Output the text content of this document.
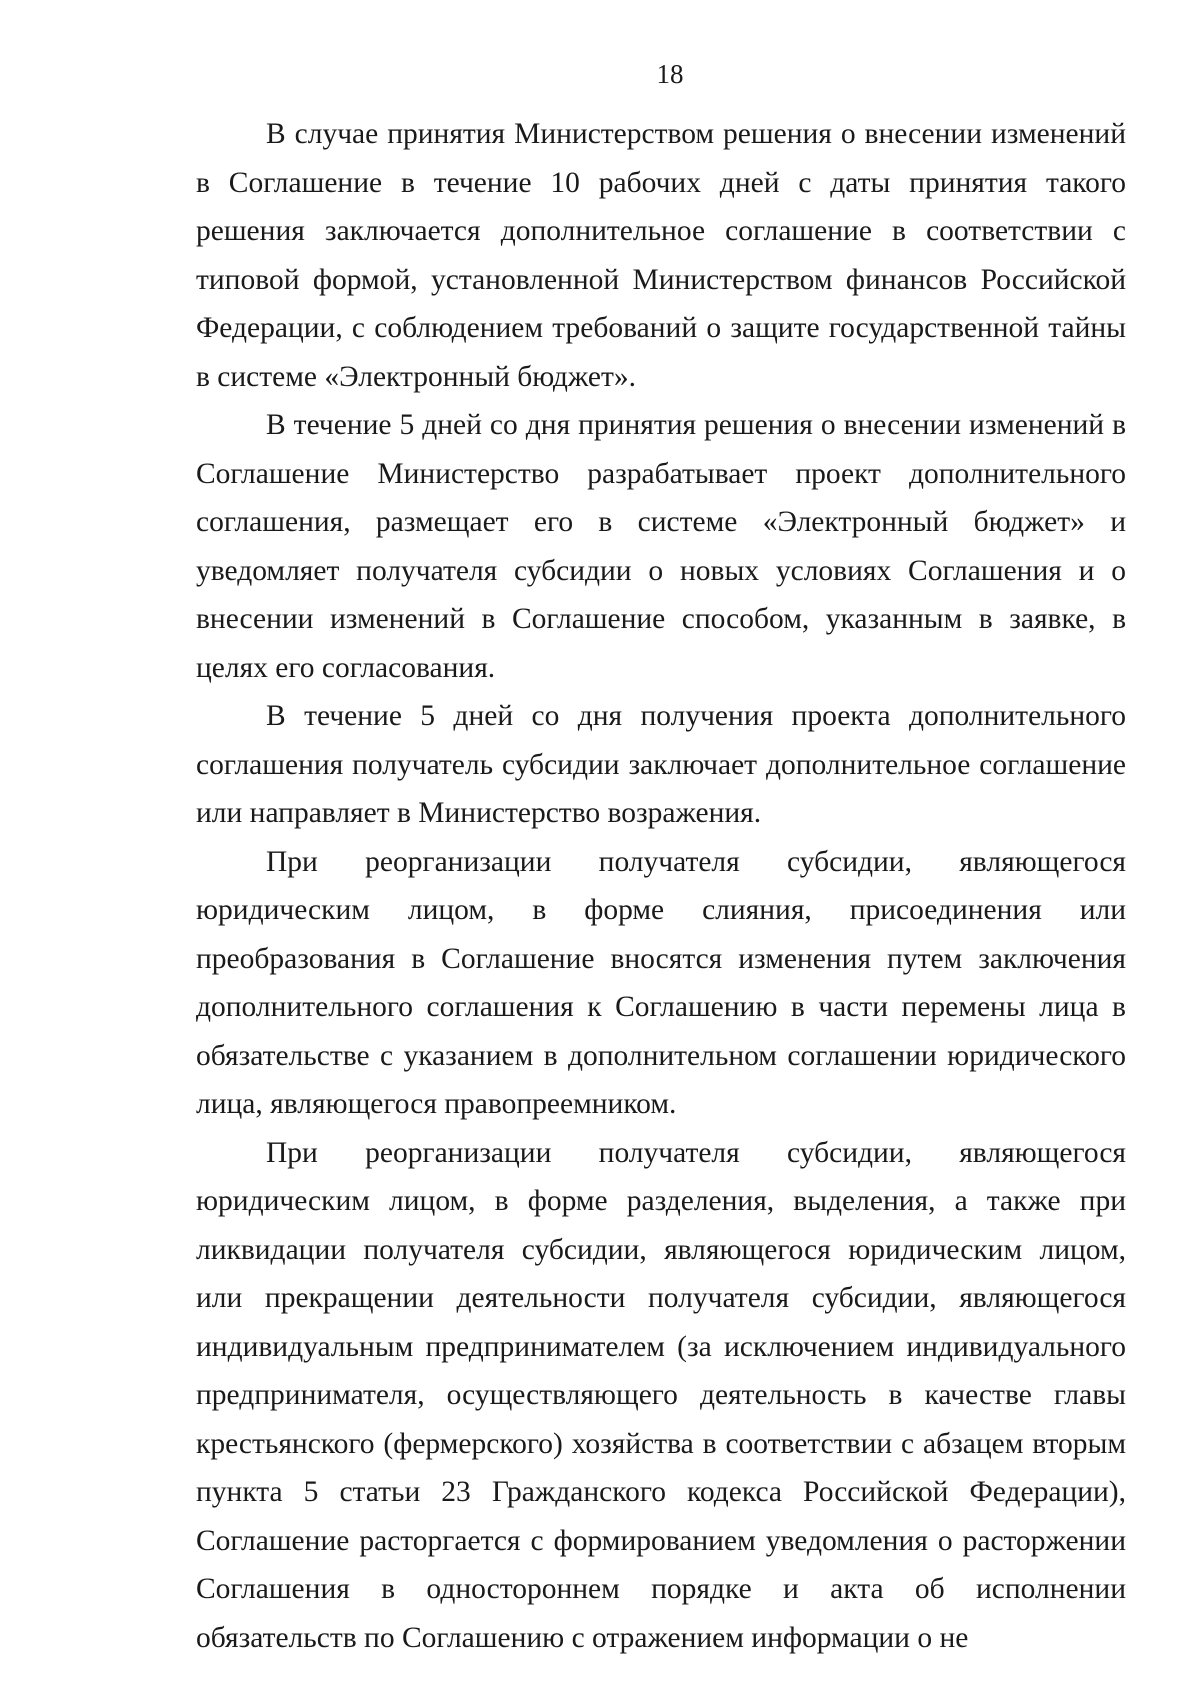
18

В случае принятия Министерством решения о внесении изменений в Соглашение в течение 10 рабочих дней с даты принятия такого решения заключается дополнительное соглашение в соответствии с типовой формой, установленной Министерством финансов Российской Федерации, с соблюдением требований о защите государственной тайны в системе «Электронный бюджет».

В течение 5 дней со дня принятия решения о внесении изменений в Соглашение Министерство разрабатывает проект дополнительного соглашения, размещает его в системе «Электронный бюджет» и уведомляет получателя субсидии о новых условиях Соглашения и о внесении изменений в Соглашение способом, указанным в заявке, в целях его согласования.

В течение 5 дней со дня получения проекта дополнительного соглашения получатель субсидии заключает дополнительное соглашение или направляет в Министерство возражения.

При реорганизации получателя субсидии, являющегося юридическим лицом, в форме слияния, присоединения или преобразования в Соглашение вносятся изменения путем заключения дополнительного соглашения к Соглашению в части перемены лица в обязательстве с указанием в дополнительном соглашении юридического лица, являющегося правопреемником.

При реорганизации получателя субсидии, являющегося юридическим лицом, в форме разделения, выделения, а также при ликвидации получателя субсидии, являющегося юридическим лицом, или прекращении деятельности получателя субсидии, являющегося индивидуальным предпринимателем (за исключением индивидуального предпринимателя, осуществляющего деятельность в качестве главы крестьянского (фермерского) хозяйства в соответствии с абзацем вторым пункта 5 статьи 23 Гражданского кодекса Российской Федерации), Соглашение расторгается с формированием уведомления о расторжении Соглашения в одностороннем порядке и акта об исполнении обязательств по Соглашению с отражением информации о не
